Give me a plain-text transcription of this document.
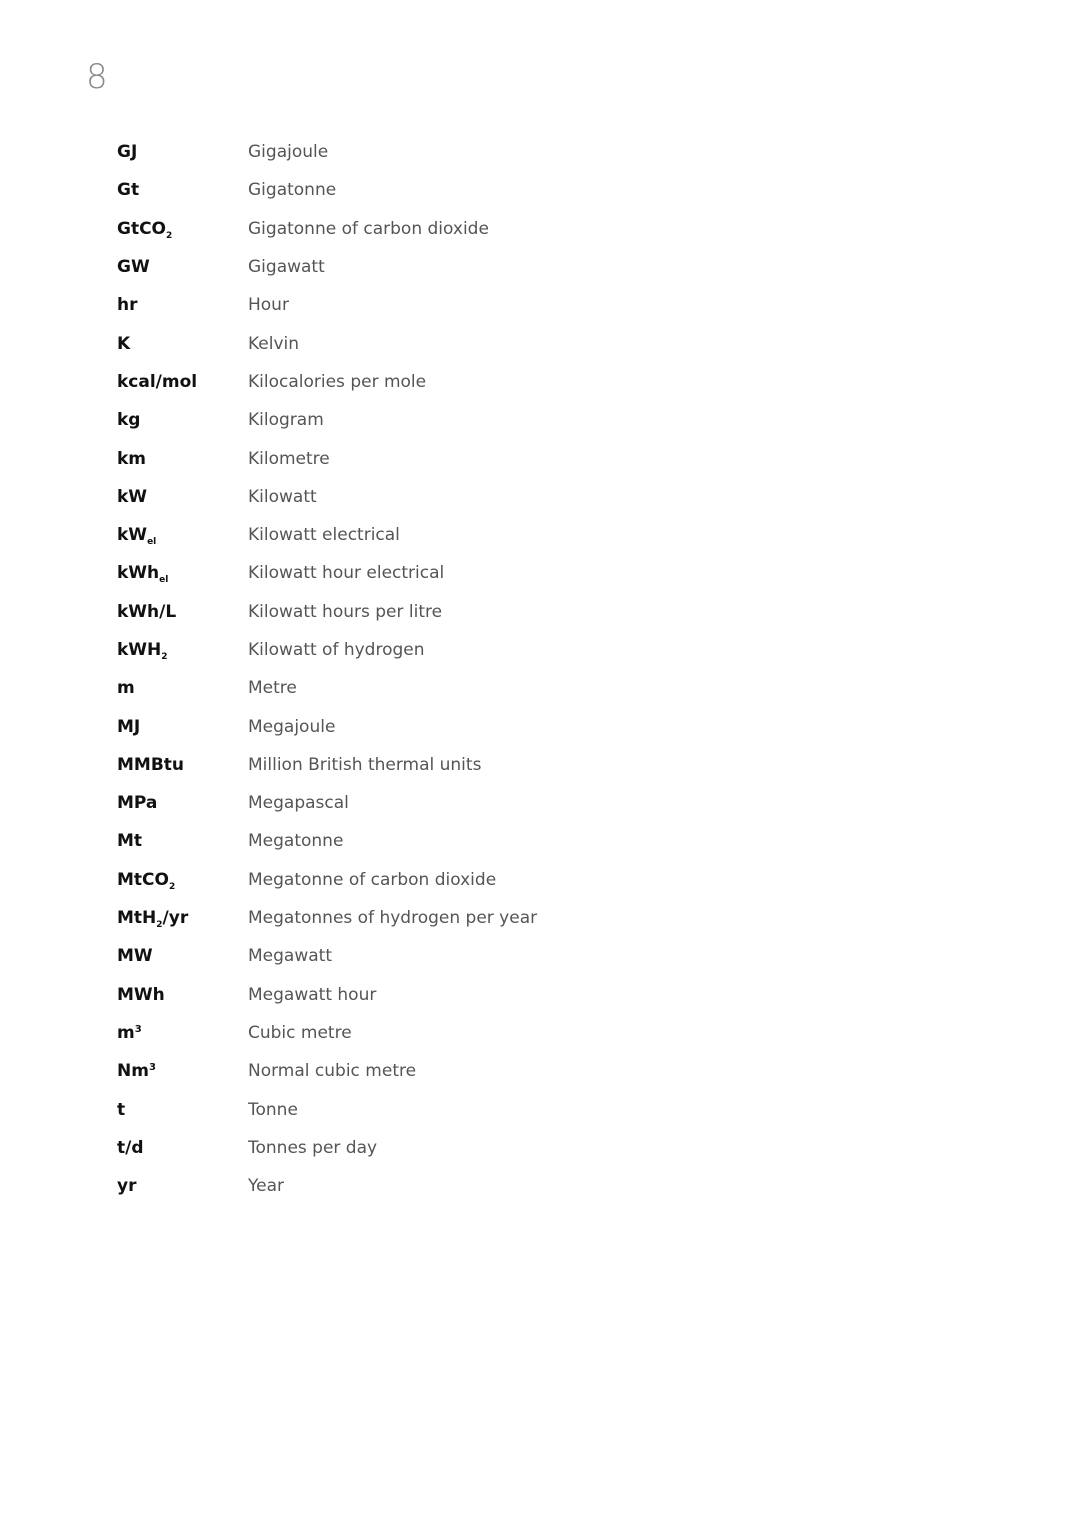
8
GJ	Gigajoule
Gt	Gigatonne
GtCO$_2$	Gigatonne of carbon dioxide
GW	Gigawatt
hr	Hour
K	Kelvin
kcal/mol	Kilocalories per mole
kg	Kilogram
km	Kilometre
kW	Kilowatt
$kW_{el}$	Kilowatt electrical
kWh$_{el}$	Kilowatt hour electrical
kWh/L	Kilowatt hours per litre
kWH$_2$	Kilowatt of hydrogen
m	Metre
MJ	Megajoule
MMBtu	Million British thermal units
MPa	Megapascal
Mt	Megatonne
MtCO$_2$	Megatonne of carbon dioxide
MtH$_2$/yr	Megatonnes of hydrogen per year
MW	Megawatt
MWh	Megawatt hour
$m^3$	Cubic metre
Nm$^3$	Normal cubic metre
t	Tonne
t/d	Tonnes per day
yr	Year
